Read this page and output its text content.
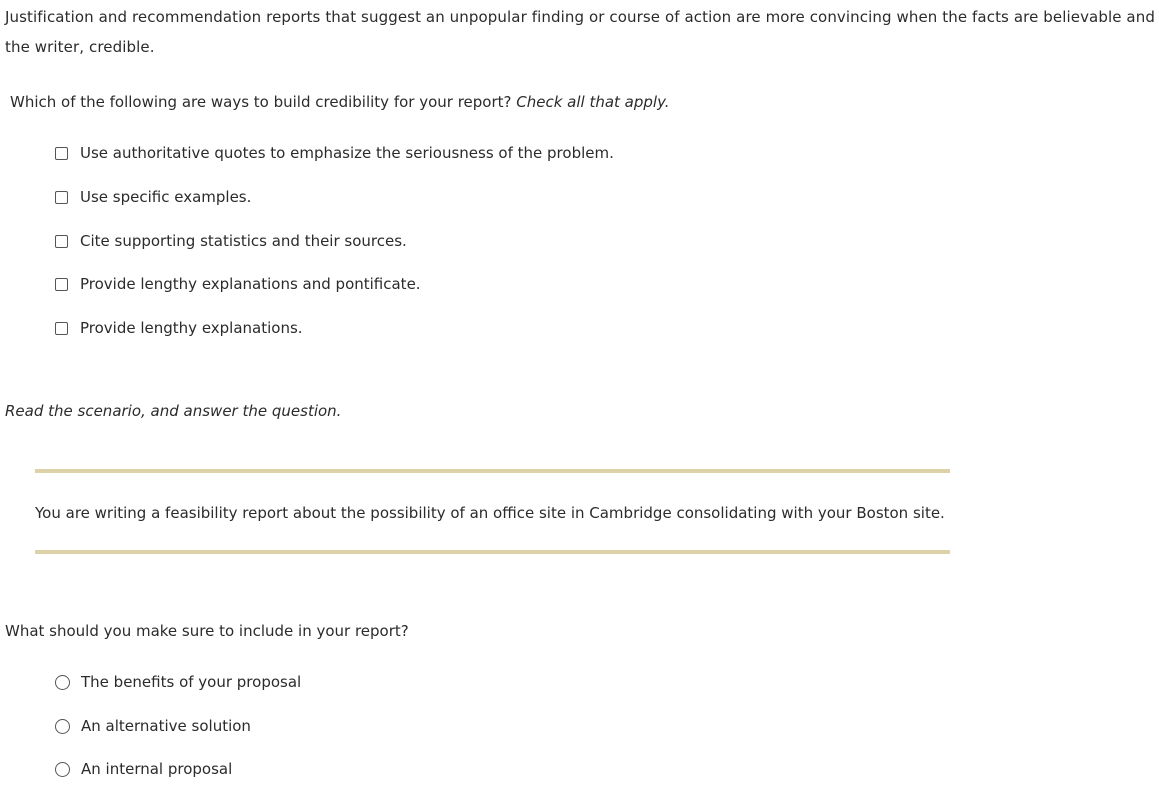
Justification and recommendation reports that suggest an unpopular finding or course of action are more convincing when the facts are believable and the writer, credible.
Which of the following are ways to build credibility for your report? Check all that apply.
Use authoritative quotes to emphasize the seriousness of the problem.
Use specific examples.
Cite supporting statistics and their sources.
Provide lengthy explanations and pontificate.
Provide lengthy explanations.
Read the scenario, and answer the question.
You are writing a feasibility report about the possibility of an office site in Cambridge consolidating with your Boston site.
What should you make sure to include in your report?
The benefits of your proposal
An alternative solution
An internal proposal
